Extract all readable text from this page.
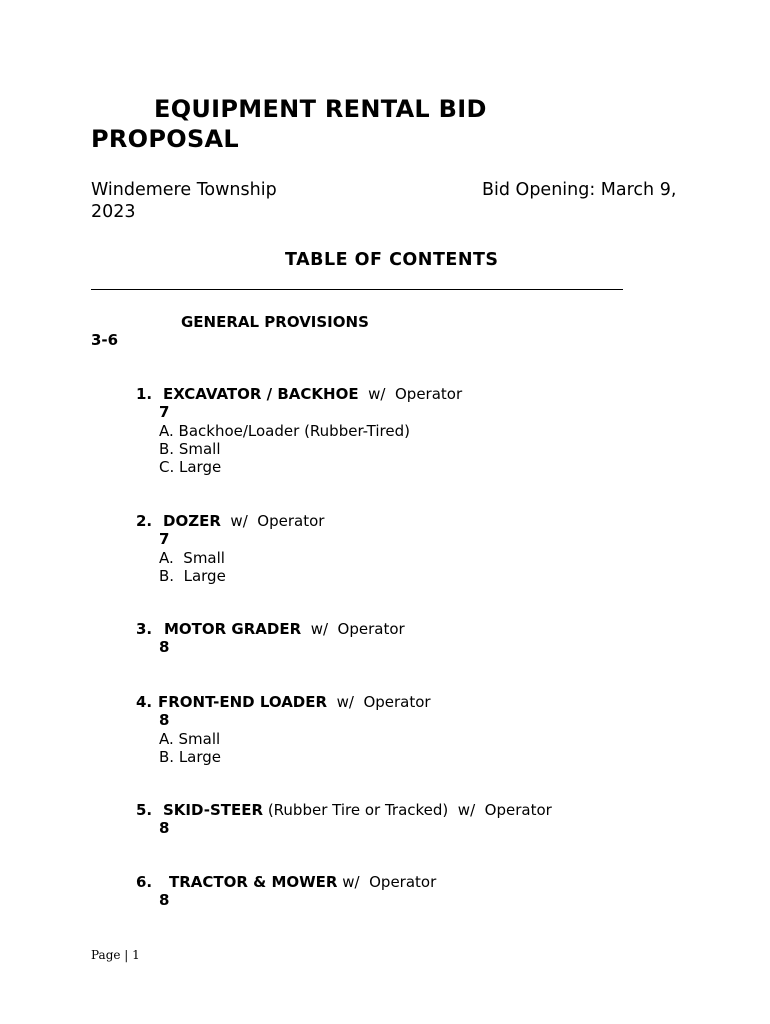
EQUIPMENT RENTAL BID
PROPOSAL
Windemere Township	Bid Opening: March 9,
2023
TABLE OF CONTENTS
GENERAL PROVISIONS
3-6
1. EXCAVATOR / BACKHOE  w/  Operator
7
A. Backhoe/Loader (Rubber-Tired)
B. Small
C. Large
2. DOZER  w/  Operator
7
A.  Small
B.  Large
3. MOTOR GRADER  w/  Operator
8
4. FRONT-END LOADER  w/  Operator
8
A. Small
B. Large
5. SKID-STEER (Rubber Tire or Tracked)  w/  Operator
8
6. TRACTOR & MOWER w/  Operator
8
Page | 1
